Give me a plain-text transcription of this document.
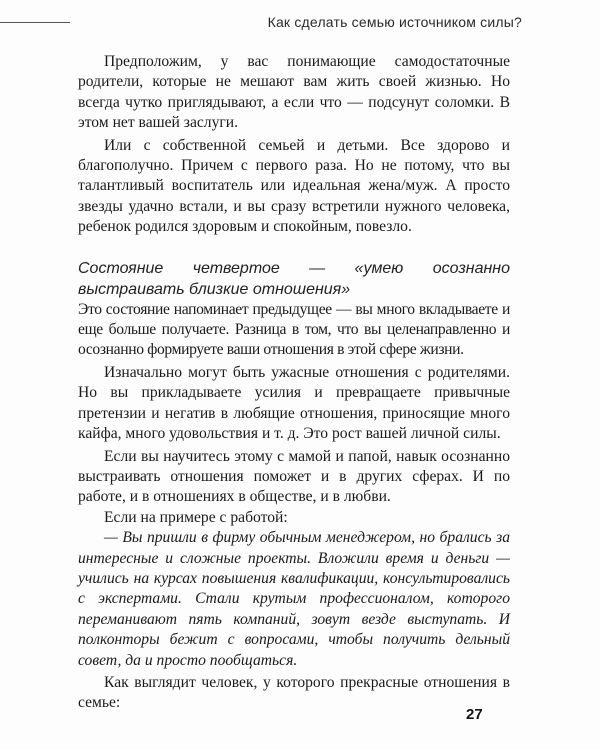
Как сделать семью источником силы?

Предположим, у вас понимающие самодостаточные родители, которые не мешают вам жить своей жизнью. Но всегда чутко приглядывают, а если что — подсунут соломки. В этом нет вашей заслуги.

Или с собственной семьей и детьми. Все здорово и благополучно. Причем с первого раза. Но не потому, что вы талантливый воспитатель или идеальная жена/муж. А просто звезды удачно встали, и вы сразу встретили нужного человека, ребенок родился здоровым и спокойным, повезло.

Состояние четвертое — «умею осознанно выстраивать близкие отношения»

Это состояние напоминает предыдущее — вы много вкладываете и еще больше получаете. Разница в том, что вы целенаправленно и осознанно формируете ваши отношения в этой сфере жизни.

Изначально могут быть ужасные отношения с родителями. Но вы прикладываете усилия и превращаете привычные претензии и негатив в любящие отношения, приносящие много кайфа, много удовольствия и т. д. Это рост вашей личной силы.

Если вы научитесь этому с мамой и папой, навык осознанно выстраивать отношения поможет и в других сферах. И по работе, и в отношениях в обществе, и в любви.

Если на примере с работой:

— Вы пришли в фирму обычным менеджером, но брались за интересные и сложные проекты. Вложили время и деньги — учились на курсах повышения квалификации, консультировались с экспертами. Стали крутым профессионалом, которого переманивают пять компаний, зовут везде выступать. И полконторы бежит с вопросами, чтобы получить дельный совет, да и просто пообщаться.

Как выглядит человек, у которого прекрасные отношения в семье:

27
